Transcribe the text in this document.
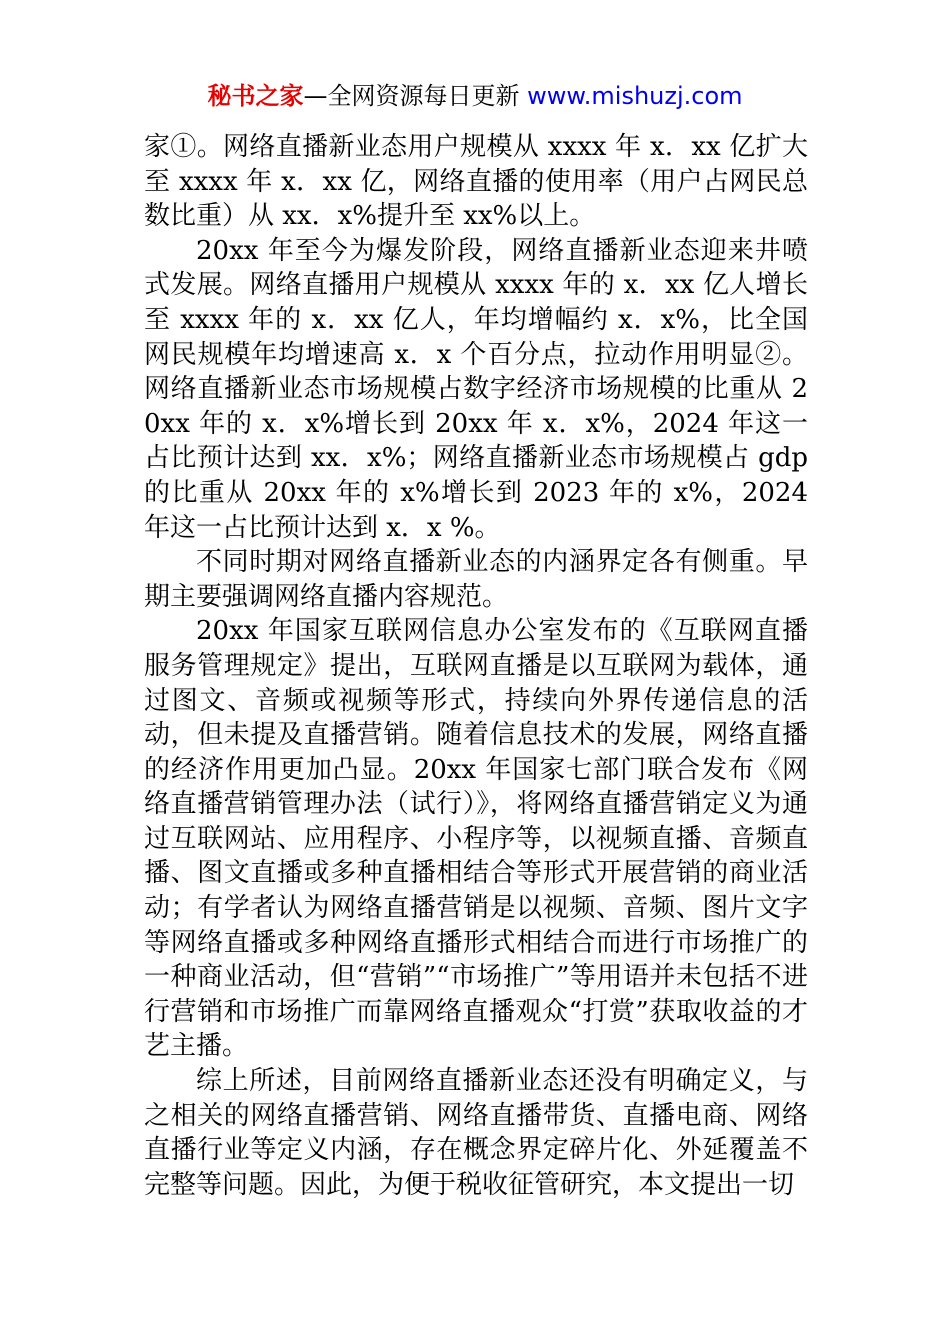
秘书之家—全网资源每日更新 www.mishuzj.com

家①。网络直播新业态用户规模从 xxxx 年 x．xx 亿扩大至 xxxx 年 x．xx 亿，网络直播的使用率（用户占网民总数比重）从 xx．x%提升至 xx%以上。

20xx 年至今为爆发阶段，网络直播新业态迎来井喷式发展。网络直播用户规模从 xxxx 年的 x．xx 亿人增长至 xxxx 年的 x．xx 亿人，年均增幅约 x．x%，比全国网民规模年均增速高 x．x 个百分点，拉动作用明显②。网络直播新业态市场规模占数字经济市场规模的比重从 20xx 年的 x．x%增长到 20xx 年 x．x%，2024 年这一占比预计达到 xx．x%；网络直播新业态市场规模占 gdp 的比重从 20xx 年的 x%增长到 2023 年的 x%，2024 年这一占比预计达到 x．x %。

不同时期对网络直播新业态的内涵界定各有侧重。早期主要强调网络直播内容规范。

20xx 年国家互联网信息办公室发布的《互联网直播服务管理规定》提出，互联网直播是以互联网为载体，通过图文、音频或视频等形式，持续向外界传递信息的活动，但未提及直播营销。随着信息技术的发展，网络直播的经济作用更加凸显。20xx 年国家七部门联合发布《网络直播营销管理办法（试行）》，将网络直播营销定义为通过互联网站、应用程序、小程序等，以视频直播、音频直播、图文直播或多种直播相结合等形式开展营销的商业活动；有学者认为网络直播营销是以视频、音频、图片文字等网络直播或多种网络直播形式相结合而进行市场推广的一种商业活动，但“营销”“市场推广”等用语并未包括不进行营销和市场推广而靠网络直播观众“打赏”获取收益的才艺主播。

综上所述，目前网络直播新业态还没有明确定义，与之相关的网络直播营销、网络直播带货、直播电商、网络直播行业等定义内涵，存在概念界定碎片化、外延覆盖不完整等问题。因此，为便于税收征管研究，本文提出一切
